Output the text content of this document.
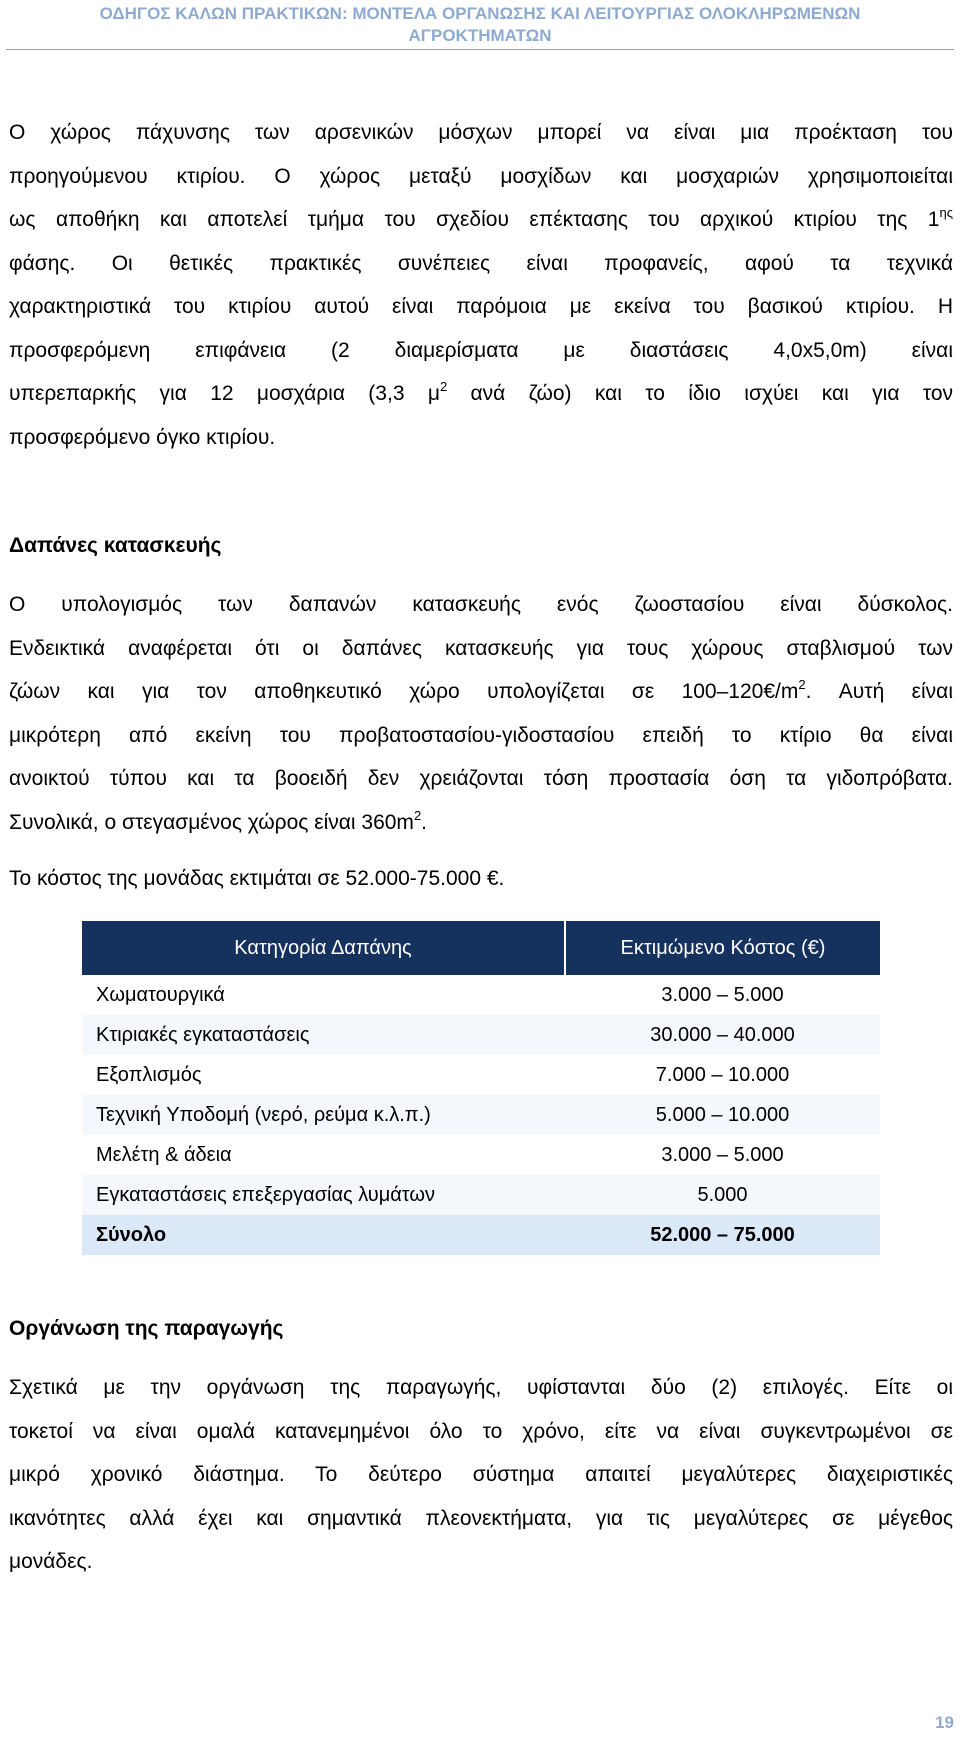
ΟΔΗΓΟΣ ΚΑΛΩΝ ΠΡΑΚΤΙΚΩΝ: ΜΟΝΤΕΛΑ ΟΡΓΑΝΩΣΗΣ ΚΑΙ ΛΕΙΤΟΥΡΓΙΑΣ ΟΛΟΚΛΗΡΩΜΕΝΩΝ
ΑΓΡΟΚΤΗΜΑΤΩΝ
Ο χώρος πάχυνσης των αρσενικών μόσχων μπορεί να είναι μια προέκταση του
προηγούμενου κτιρίου. Ο χώρος μεταξύ μοσχίδων και μοσχαριών χρησιμοποιείται
ως αποθήκη και αποτελεί τμήμα του σχεδίου επέκτασης του αρχικού κτιρίου της $1^{\eta\varsigma}$
φάσης. Οι θετικές πρακτικές συνέπειες είναι προφανείς, αφού τα τεχνικά
χαρακτηριστικά του κτιρίου αυτού είναι παρόμοια με εκείνα του βασικού κτιρίου. Η
προσφερόμενη επιφάνεια (2 διαμερίσματα με διαστάσεις 4,0x5,0m) είναι
υπερεπαρκής για 12 μοσχάρια (3,3 $\mu^2$ ανά ζώο) και το ίδιο ισχύει και για τον
προσφερόμενο όγκο κτιρίου.
Δαπάνες κατασκευής
Ο υπολογισμός των δαπανών κατασκευής ενός ζωοστασίου είναι δύσκολος.
Ενδεικτικά αναφέρεται ότι οι δαπάνες κατασκευής για τους χώρους σταβλισμού των
ζώων και για τον αποθηκευτικό χώρο υπολογίζεται σε $100-120€/m^2$. Αυτή είναι
μικρότερη από εκείνη του προβατοστασίου-γιδοστασίου επειδή το κτίριο θα είναι
ανοικτού τύπου και τα βοοειδή δεν χρειάζονται τόση προστασία όση τα γιδοπρόβατα.
Συνολικά, ο στεγασμένος χώρος είναι $360m^2$.
Το κόστος της μονάδας εκτιμάται σε 52.000-75.000 €.
Κατηγορία Δαπάνης	Εκτιμώμενο Κόστος (€)
Χωματουργικά	3.000 – 5.000
Κτιριακές εγκαταστάσεις	30.000 – 40.000
Εξοπλισμός	7.000 – 10.000
Τεχνική Υποδομή (νερό, ρεύμα κ.λ.π.)	5.000 – 10.000
Μελέτη & άδεια	3.000 – 5.000
Εγκαταστάσεις επεξεργασίας λυμάτων	5.000
Σύνολο	52.000 – 75.000
Οργάνωση της παραγωγής
Σχετικά με την οργάνωση της παραγωγής, υφίστανται δύο (2) επιλογές. Είτε οι
τοκετοί να είναι ομαλά κατανεμημένοι όλο το χρόνο, είτε να είναι συγκεντρωμένοι σε
μικρό χρονικό διάστημα. Το δεύτερο σύστημα απαιτεί μεγαλύτερες διαχειριστικές
ικανότητες αλλά έχει και σημαντικά πλεονεκτήματα, για τις μεγαλύτερες σε μέγεθος
μονάδες.
19
